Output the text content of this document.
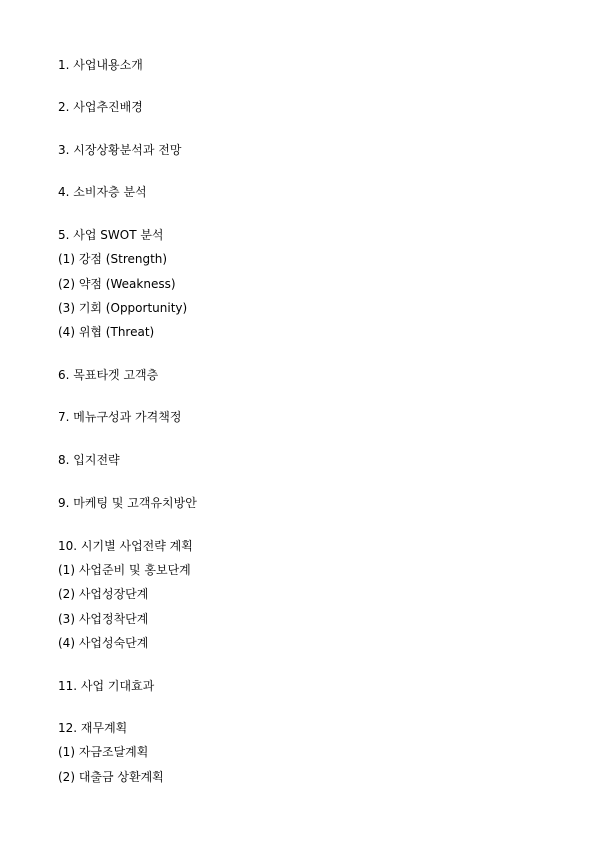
1. 사업내용소개
2. 사업추진배경
3. 시장상황분석과 전망
4. 소비자층 분석
5. 사업 SWOT 분석
(1) 강점 (Strength)
(2) 약점 (Weakness)
(3) 기회 (Opportunity)
(4) 위협 (Threat)
6. 목표타겟 고객층
7. 메뉴구성과 가격책정
8. 입지전략
9. 마케팅 및 고객유치방안
10. 시기별 사업전략 계획
(1) 사업준비 및 홍보단계
(2) 사업성장단계
(3) 사업정착단계
(4) 사업성숙단계
11. 사업 기대효과
12. 재무계획
(1) 자금조달계획
(2) 대출금 상환계획
